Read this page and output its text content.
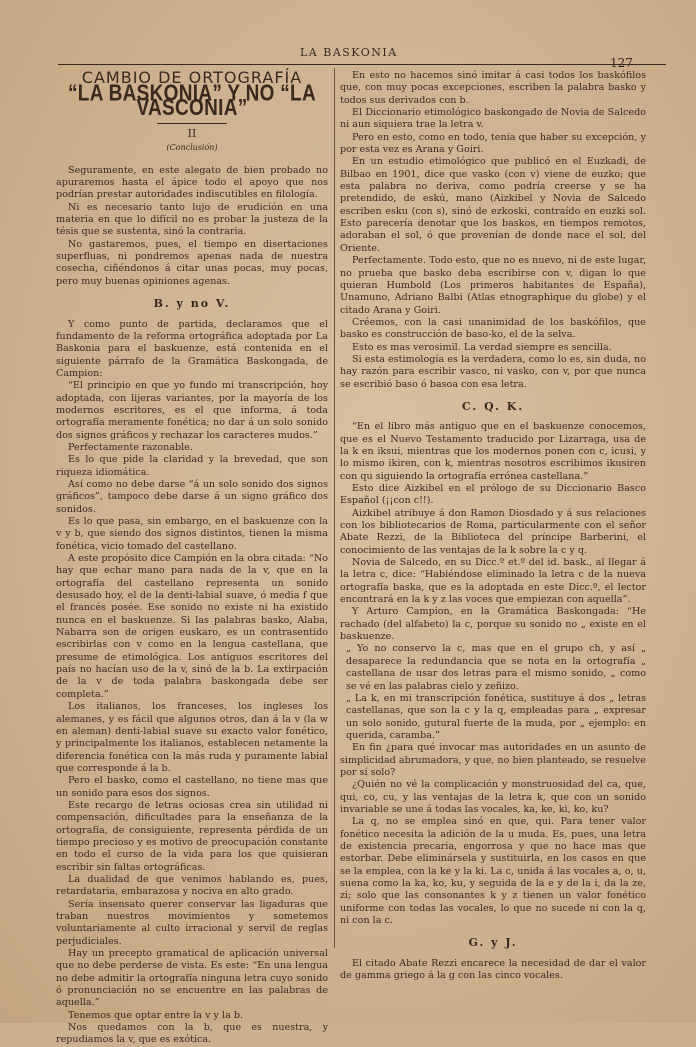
LA BASKONIA
127
CAMBIO DE ORTOGRAFÍA
“LA BASKONIA” Y NO “LA VASCONIA”
II
(Conclusión)

Seguramente, en este alegato de bien probado no apuraremos hasta el ápice todo el apoyo que nos podrían prestar autoridades indiscutibles en filología.

Ni es necesario tanto lujo de erudición en una materia en que lo difícil no es probar la justeza de la tésis que se sustenta, sinó la contraria.

No gastaremos, pues, el tiempo en disertaciones superfluas, ni pondremos apenas nada de nuestra cosecha, ciñéndonos á citar unas pocas, muy pocas, pero muy buenas opiniones agenas.

B. y no V.

Y como punto de partida, declaramos que el fundamento de la reforma ortográfica adoptada por La Baskonia para el baskuenze, está contenida en el siguiente párrafo de la Gramática Baskongada, de Campion:

“El principio en que yo fundo mi transcripción, hoy adoptada, con lijeras variantes, por la mayoría de los modernos escritores, es el que informa, á toda ortografía meramente fonética; no dar á un solo sonido dos signos gráficos y rechazar los caracteres mudos.”

Perfectamente razonable.

Es lo que pide la claridad y la brevedad, que son riqueza idiomática.

Así como no debe darse “á un solo sonido dos signos gráficos”, tampoco debe darse á un signo gráfico dos sonidos.

Es lo que pasa, sin embargo, en el baskuenze con la v y b, que siendo dos signos distintos, tienen la misma fonética, vicio tomado del castellano.

A este propósito dice Campión en la obra citada: “No hay que echar mano para nada de la v, que en la ortografía del castellano representa un sonido desusado hoy, el de la denti-labial suave, ó media f que el francés posée. Ese sonido no existe ni ha existido nunca en el baskuenze. Si las palabras basko, Alaba, Nabarra son de origen euskaro, es un contrasentido escribirlas con v como en la lengua castellana, que presume de etimológica. Los antiguos escritores del país no hacían uso de la v, sinó de la b. La extirpación de la v de toda palabra baskongada debe ser completa.”

Los italianos, los franceses, los ingleses los alemanes, y es fácil que algunos otros, dan á la v (la w en aleman) denti-labial suave su exacto valor fonético, y principalmente los italianos, establecen netamente la diferencia fonética con la más ruda y puramente labial que corresponde á la b.

Pero el basko, como el castellano, no tiene mas que un sonido para esos dos signos.

Este recargo de letras ociosas crea sin utilidad ni compensación, dificultades para la enseñanza de la ortografía, de consiguiente, representa pérdida de un tiempo precioso y es motivo de preocupación constante en todo el curso de la vida para los que quisieran escribir sin faltas ortográficas.

La dualidad de que venimos hablando es, pues, retardataria, embarazosa y nociva en alto grado.

Sería insensato querer conservar las ligaduras que traban nuestros movimientos y sometemos voluntariamente al culto irracional y servil de reglas perjudiciales.

Hay un precepto gramatical de aplicación universal que no debe perderse de vista. Es este: “En una lengua no debe admitir la ortografía ninguna letra cuyo sonido ó pronunciación no se encuentre en las palabras de aquella.”

Tenemos que optar entre la v y la b.

Nos quedamos con la b, que es nuestra, y repudiamos la v, que es exótica.

En esto no hacemos sinó imitar á casi todos los baskófilos que, con muy pocas excepciones, escriben la palabra basko y todos sus derivados con b.

El Diccionario etimológico baskongado de Novia de Salcedo ni aun siquiera trae la letra v.

Pero en esto, como en todo, tenía que haber su excepción, y por esta vez es Arana y Goiri.

En un estudio etimológico que publicó en el Euzkadi, de Bilbao en 1901, dice que vasko (con v) viene de euzko; que esta palabra no deriva, como podría creerse y se ha pretendido, de eskú, mano (Aizkibel y Novia de Salcedo escriben esku (con s), sinó de ezkoski, contraído en euzki sol. Esto parecería denotar que los baskos, en tiempos remotos, adoraban el sol, ó que provenían de donde nace el sol, del Oriente.

Perfectamente. Todo esto, que no es nuevo, ni de este lugar, no prueba que basko deba escribirse con v, digan lo que quieran Humbold (Los primeros habitantes de España), Unamuno, Adriano Balbi (Atlas etnographique du globe) y el citado Arana y Goiri.

Créemos, con la casi unanimidad de los baskófilos, que basko es construcción de baso-ko, el de la selva.

Esto es mas verosimil. La verdad siempre es sencilla.

Si esta estimología es la verdadera, como lo es, sin duda, no hay razón para escribir vasco, ni vasko, con v, por que nunca se escribió baso ó basoa con esa letra.

C. Q. K.

“En el libro más antiguo que en el baskuenze conocemos, que es el Nuevo Testamento traducido por Lizarraga, usa de la k en iksui, mientras que los modernos ponen con c, icusi, y lo mismo ikiren, con k, mientras nosotros escribimos ikusiren con qu siguiendo la ortografía errónea castellana.”

Esto dice Aizkibel en el prólogo de su Diccionario Basco Español (¡¡con c!!).

Aizkibel atribuye á don Ramon Diosdado y á sus relaciones con los bibliotecarios de Roma, particularmente con el señor Abate Rezzi, de la Biblioteca del príncipe Barberini, el conocimiento de las ventajas de la k sobre la c y q.

Novia de Salcedo, en su Dicc.º et.º del id. bask., al llegar á la letra c, dice: “Habiéndose eliminado la letra c de la nueva ortografía baska, que es la adoptada en este Dicc.º, el lector encontrará en la k y z las voces que empiezan con aquella”.

Y Arturo Campion, en la Gramática Baskongada: “He rachado (del alfabeto) la c, porque su sonido no „ existe en el baskuenze.

„ Yo no conservo la c, mas que en el grupo ch, y así „ desaparece la redundancia que se nota en la ortografía „ castellana de usar dos letras para el mismo sonido, „ como se vé en las palabras cielo y zeñizo.

„ La k, en mi transcripción fonética, sustituye á dos „ letras castellanas, que son la c y la q, empleadas para „ expresar un solo sonido, gutural fuerte de la muda, por „ ejemplo: en querida, caramba.”

En fin ¿para qué invocar mas autoridades en un asunto de simplicidad abrumadora, y que, no bien planteado, se resuelve por sí solo?

¿Quién no vé la complicación y monstruosidad del ca, que, qui, co, cu, y las ventajas de la letra k, que con un sonido invariable se une á todas las vocales, ka, ke, ki, ko, ku?

La q, no se emplea sinó en que, qui. Para tener valor fonético necesita la adición de la u muda. Es, pues, una letra de existencia precaria, engorrosa y que no hace mas que estorbar. Debe eliminársela y sustituirla, en los casos en que se la emplea, con la ke y la ki. La c, unida á las vocales a, o, u, suena como la ka, ko, ku, y seguida de la e y de la i, da la ze, zi; solo que las consonantes k y z tienen un valor fonético uniforme con todas las vocales, lo que no sucede ni con la q, ni con la c.

G. y J.

El citado Abate Rezzi encarece la necesidad de dar el valor de gamma griego á la g con las cinco vocales.
